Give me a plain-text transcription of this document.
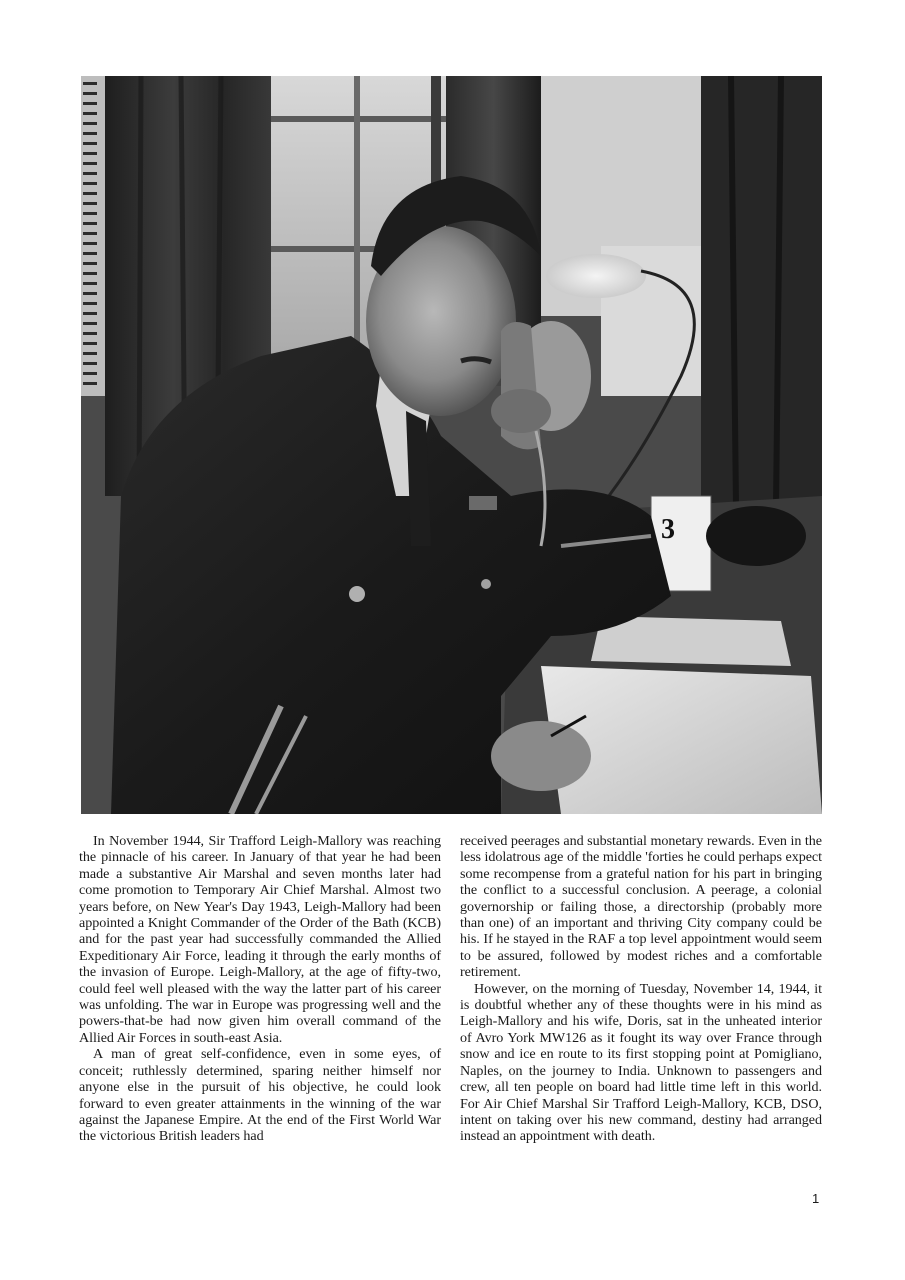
3

In November 1944, Sir Trafford Leigh-Mallory was reaching the pinnacle of his career. In January of that year he had been made a substantive Air Marshal and seven months later had come promotion to Temporary Air Chief Marshal. Almost two years before, on New Year's Day 1943, Leigh-Mallory had been appointed a Knight Commander of the Order of the Bath (KCB) and for the past year had successfully commanded the Allied Expeditionary Air Force, leading it through the early months of the invasion of Europe. Leigh-Mallory, at the age of fifty-two, could feel well pleased with the way the latter part of his career was unfolding. The war in Europe was progressing well and the powers-that-be had now given him overall command of the Allied Air Forces in south-east Asia.

A man of great self-confidence, even in some eyes, of conceit; ruthlessly determined, sparing neither himself nor anyone else in the pursuit of his objective, he could look forward to even greater attainments in the winning of the war against the Japanese Empire. At the end of the First World War the victorious British leaders had

received peerages and substantial monetary rewards. Even in the less idolatrous age of the middle 'forties he could perhaps expect some recompense from a grateful nation for his part in bringing the conflict to a successful conclusion. A peerage, a colonial governorship or failing those, a directorship (probably more than one) of an important and thriving City company could be his. If he stayed in the RAF a top level appointment would seem to be assured, followed by modest riches and a comfortable retirement.

However, on the morning of Tuesday, November 14, 1944, it is doubtful whether any of these thoughts were in his mind as Leigh-Mallory and his wife, Doris, sat in the unheated interior of Avro York MW126 as it fought its way over France through snow and ice en route to its first stopping point at Pomigliano, Naples, on the journey to India. Unknown to passengers and crew, all ten people on board had little time left in this world. For Air Chief Marshal Sir Trafford Leigh-Mallory, KCB, DSO, intent on taking over his new command, destiny had arranged instead an appointment with death.

1
